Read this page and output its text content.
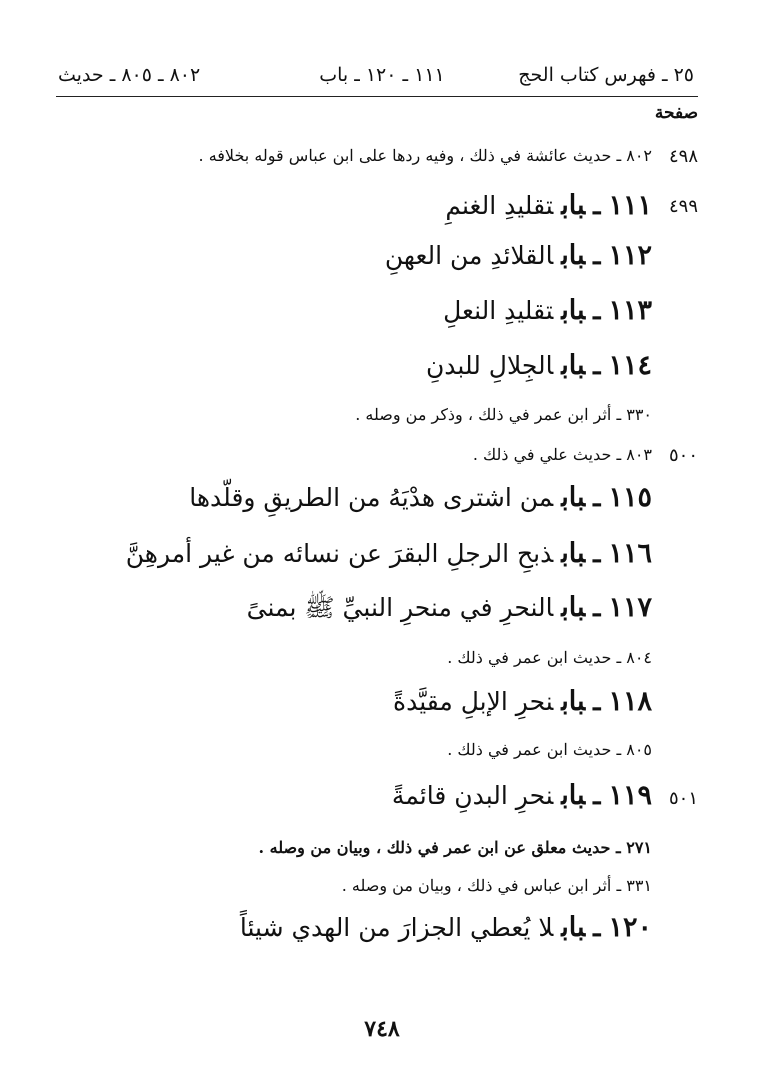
٢٥ ـ فهرس كتاب الحج
١١١ ـ ١٢٠ ـ باب
٨٠٢ ـ ٨٠٥ ـ حديث
صفحة
٤٩٨
٨٠٢ ـ حديث عائشة في ذلك ، وفيه ردها على ابن عباس قوله بخلافه .
٤٩٩
١١١ـبابتقليدِ الغنمِ
١١٢ـبابالقلائدِ من العهنِ
١١٣ـبابتقليدِ النعلِ
١١٤ـبابالجِلالِ للبدنِ
٣٣٠ ـ أثر ابن عمر في ذلك ، وذكر من وصله .
٥٠٠
٨٠٣ ـ حديث علي في ذلك .
١١٥ـبابمن اشترى هدْيَهُ من الطريقِ وقلّدها
١١٦ـبابذبحِ الرجلِ البقرَ عن نسائه من غير أمرهِنَّ
١١٧ـبابالنحرِ في منحرِ النبيِّ ﷺ بمنىً
٨٠٤ ـ حديث ابن عمر في ذلك .
١١٨ـبابنحرِ الإبلِ مقيَّدةً
٨٠٥ ـ حديث ابن عمر في ذلك .
٥٠١
١١٩ـبابنحرِ البدنِ قائمةً
٢٧١ ـ حديث معلق عن ابن عمر في ذلك ، وبيان من وصله .
٣٣١ ـ أثر ابن عباس في ذلك ، وبيان من وصله .
١٢٠ـبابلا يُعطي الجزارَ من الهدي شيئاً
٧٤٨
